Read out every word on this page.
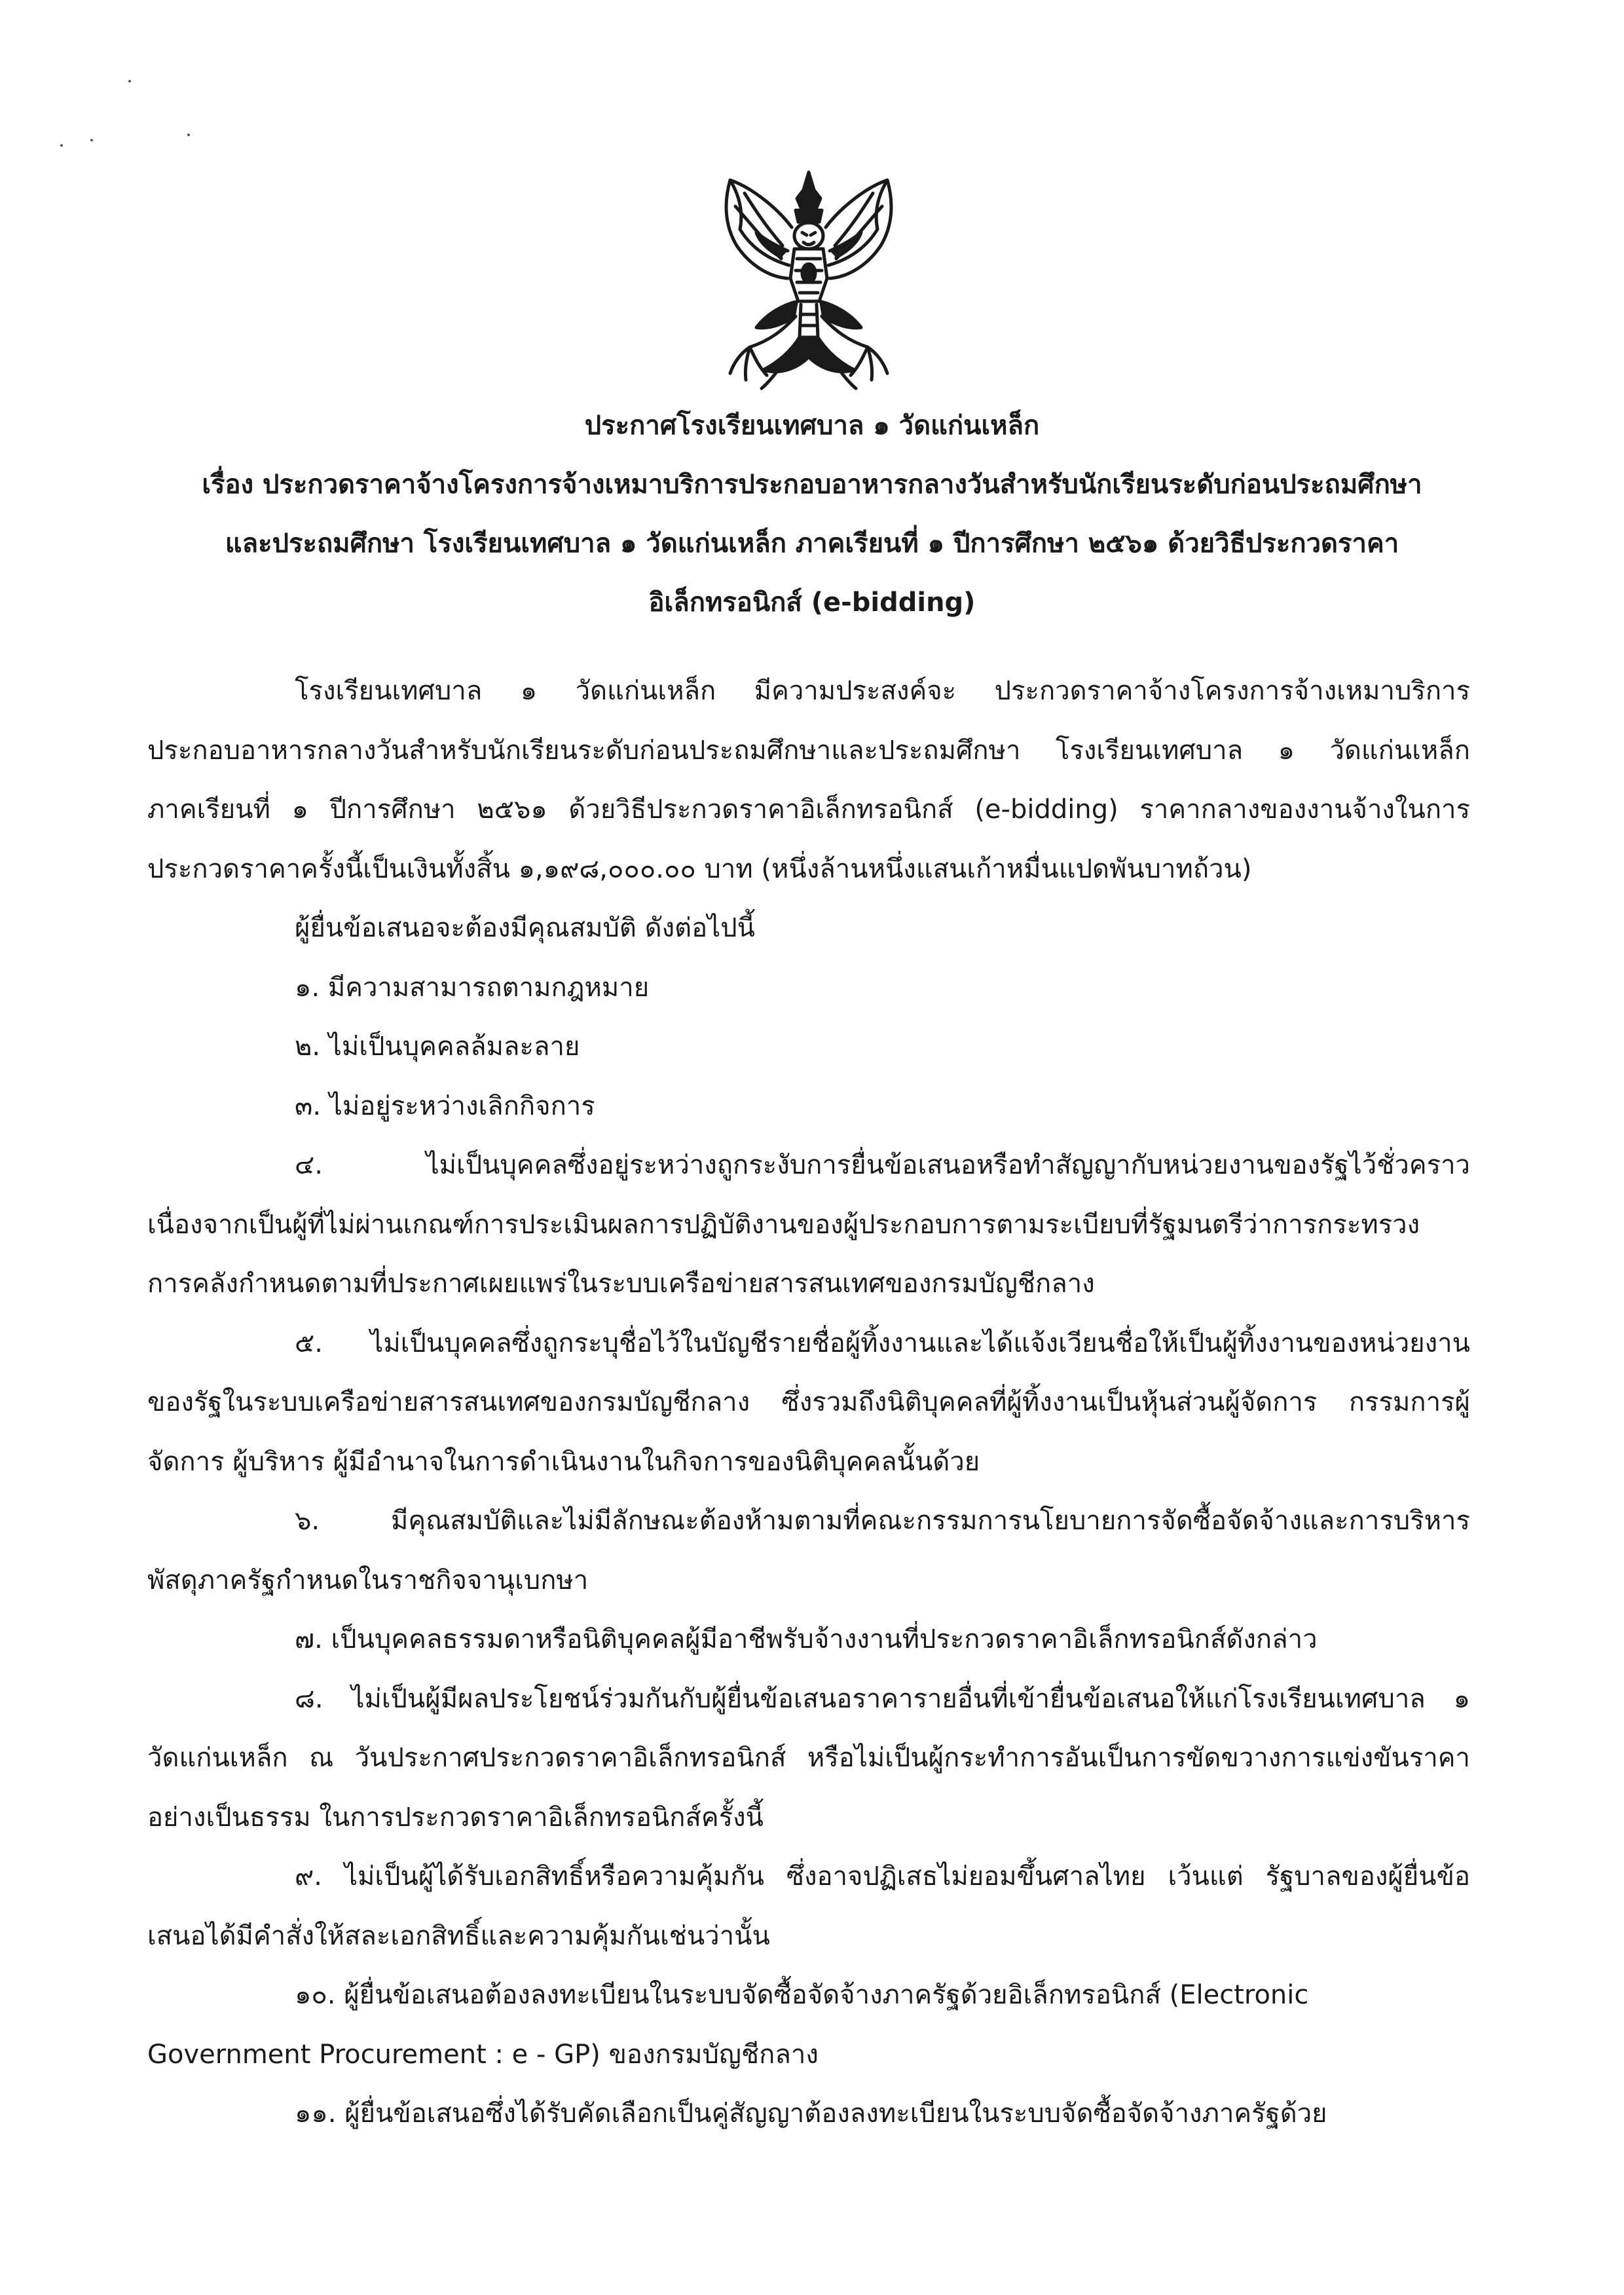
ประกาศโรงเรียนเทศบาล ๑ วัดแก่นเหล็ก
เรื่อง ประกวดราคาจ้างโครงการจ้างเหมาบริการประกอบอาหารกลางวันสำหรับนักเรียนระดับก่อนประถมศึกษา
และประถมศึกษา โรงเรียนเทศบาล ๑ วัดแก่นเหล็ก ภาคเรียนที่ ๑ ปีการศึกษา ๒๕๖๑ ด้วยวิธีประกวดราคา
อิเล็กทรอนิกส์ (e-bidding)
โรงเรียนเทศบาล ๑ วัดแก่นเหล็ก มีความประสงค์จะ ประกวดราคาจ้างโครงการจ้างเหมาบริการ
ประกอบอาหารกลางวันสำหรับนักเรียนระดับก่อนประถมศึกษาและประถมศึกษา โรงเรียนเทศบาล ๑ วัดแก่นเหล็ก
ภาคเรียนที่ ๑ ปีการศึกษา ๒๕๖๑ ด้วยวิธีประกวดราคาอิเล็กทรอนิกส์ (e-bidding) ราคากลางของงานจ้างในการ
ประกวดราคาครั้งนี้เป็นเงินทั้งสิ้น ๑,๑๙๘,๐๐๐.๐๐ บาท (หนึ่งล้านหนึ่งแสนเก้าหมื่นแปดพันบาทถ้วน)
ผู้ยื่นข้อเสนอจะต้องมีคุณสมบัติ ดังต่อไปนี้
๑. มีความสามารถตามกฎหมาย
๒. ไม่เป็นบุคคลล้มละลาย
๓. ไม่อยู่ระหว่างเลิกกิจการ
๔. ไม่เป็นบุคคลซึ่งอยู่ระหว่างถูกระงับการยื่นข้อเสนอหรือทำสัญญากับหน่วยงานของรัฐไว้ชั่วคราว
เนื่องจากเป็นผู้ที่ไม่ผ่านเกณฑ์การประเมินผลการปฏิบัติงานของผู้ประกอบการตามระเบียบที่รัฐมนตรีว่าการกระทรวง
การคลังกำหนดตามที่ประกาศเผยแพร่ในระบบเครือข่ายสารสนเทศของกรมบัญชีกลาง
๕. ไม่เป็นบุคคลซึ่งถูกระบุชื่อไว้ในบัญชีรายชื่อผู้ทิ้งงานและได้แจ้งเวียนชื่อให้เป็นผู้ทิ้งงานของหน่วยงาน
ของรัฐในระบบเครือข่ายสารสนเทศของกรมบัญชีกลาง ซึ่งรวมถึงนิติบุคคลที่ผู้ทิ้งงานเป็นหุ้นส่วนผู้จัดการ กรรมการผู้
จัดการ ผู้บริหาร ผู้มีอำนาจในการดำเนินงานในกิจการของนิติบุคคลนั้นด้วย
๖. มีคุณสมบัติและไม่มีลักษณะต้องห้ามตามที่คณะกรรมการนโยบายการจัดซื้อจัดจ้างและการบริหาร
พัสดุภาครัฐกำหนดในราชกิจจานุเบกษา
๗. เป็นบุคคลธรรมดาหรือนิติบุคคลผู้มีอาชีพรับจ้างงานที่ประกวดราคาอิเล็กทรอนิกส์ดังกล่าว
๘. ไม่เป็นผู้มีผลประโยชน์ร่วมกันกับผู้ยื่นข้อเสนอราคารายอื่นที่เข้ายื่นข้อเสนอให้แก่โรงเรียนเทศบาล ๑
วัดแก่นเหล็ก ณ วันประกาศประกวดราคาอิเล็กทรอนิกส์ หรือไม่เป็นผู้กระทำการอันเป็นการขัดขวางการแข่งขันราคา
อย่างเป็นธรรม ในการประกวดราคาอิเล็กทรอนิกส์ครั้งนี้
๙. ไม่เป็นผู้ได้รับเอกสิทธิ์หรือความคุ้มกัน ซึ่งอาจปฏิเสธไม่ยอมขึ้นศาลไทย เว้นแต่ รัฐบาลของผู้ยื่นข้อ
เสนอได้มีคำสั่งให้สละเอกสิทธิ์และความคุ้มกันเช่นว่านั้น
๑๐. ผู้ยื่นข้อเสนอต้องลงทะเบียนในระบบจัดซื้อจัดจ้างภาครัฐด้วยอิเล็กทรอนิกส์ (Electronic
Government Procurement : e - GP) ของกรมบัญชีกลาง
๑๑. ผู้ยื่นข้อเสนอซึ่งได้รับคัดเลือกเป็นคู่สัญญาต้องลงทะเบียนในระบบจัดซื้อจัดจ้างภาครัฐด้วย
